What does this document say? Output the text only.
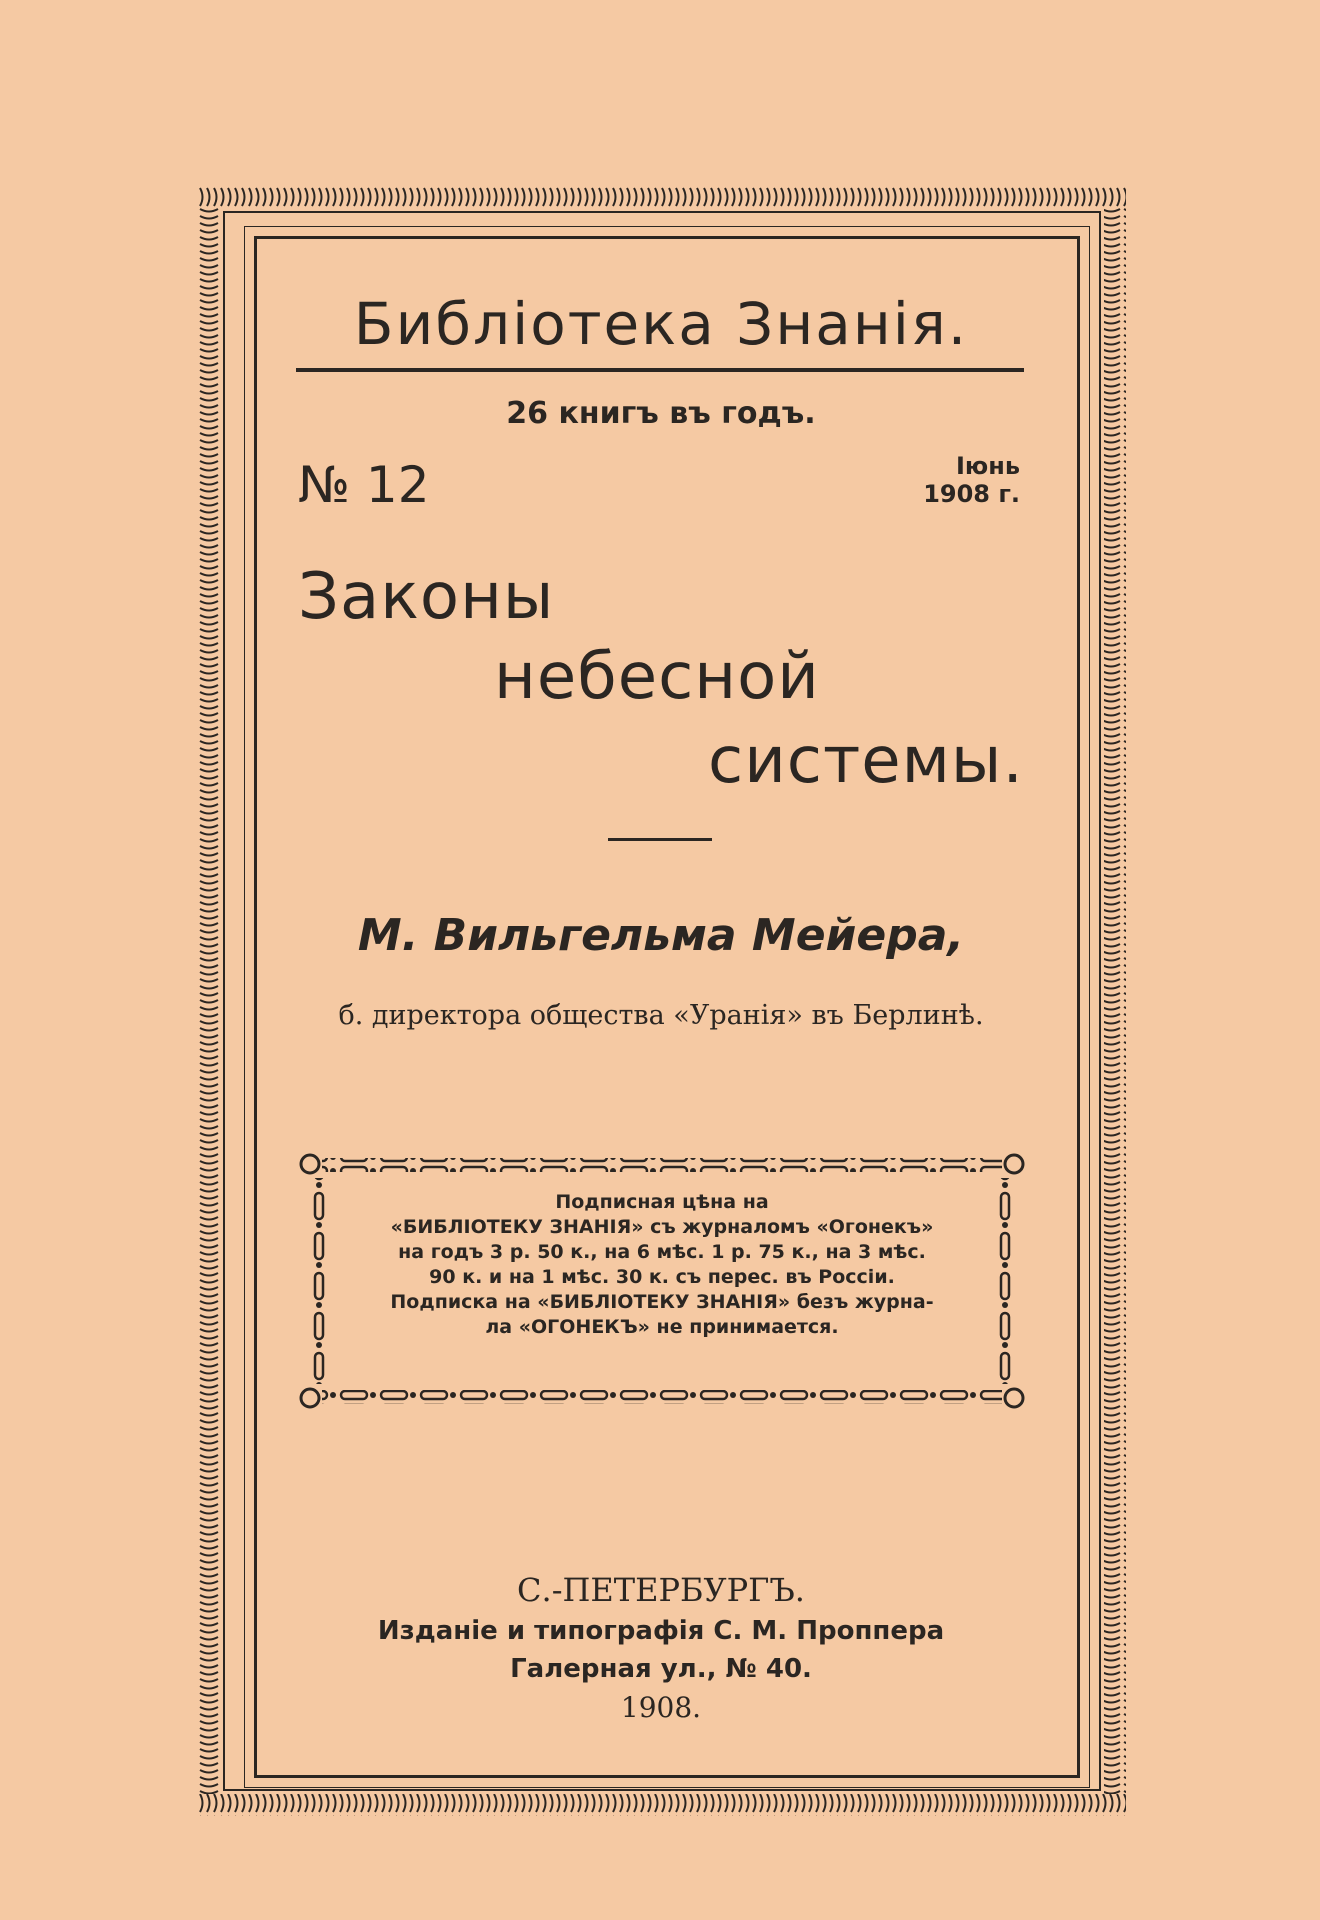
Библіотека Знанія.
26 книгъ въ годъ.
№ 12	Іюнь
1908 г.
Законы
небесной
системы.
М. Вильгельма Мейера,
б. директора общества «Уранія» въ Берлинѣ.
Подписная цѣна на
«БИБЛІОТЕКУ ЗНАНІЯ» съ журналомъ «Огонекъ»
на годъ 3 р. 50 к., на 6 мѣс. 1 р. 75 к., на 3 мѣс.
90 к. и на 1 мѣс. 30 к. съ перес. въ Россіи.
Подписка на «БИБЛІОТЕКУ ЗНАНІЯ» безъ журна-
ла «ОГОНЕКЪ» не принимается.
С.-ПЕТЕРБУРГЪ.
Изданіе и типографія С. М. Проппера
Галерная ул., № 40.
1908.
